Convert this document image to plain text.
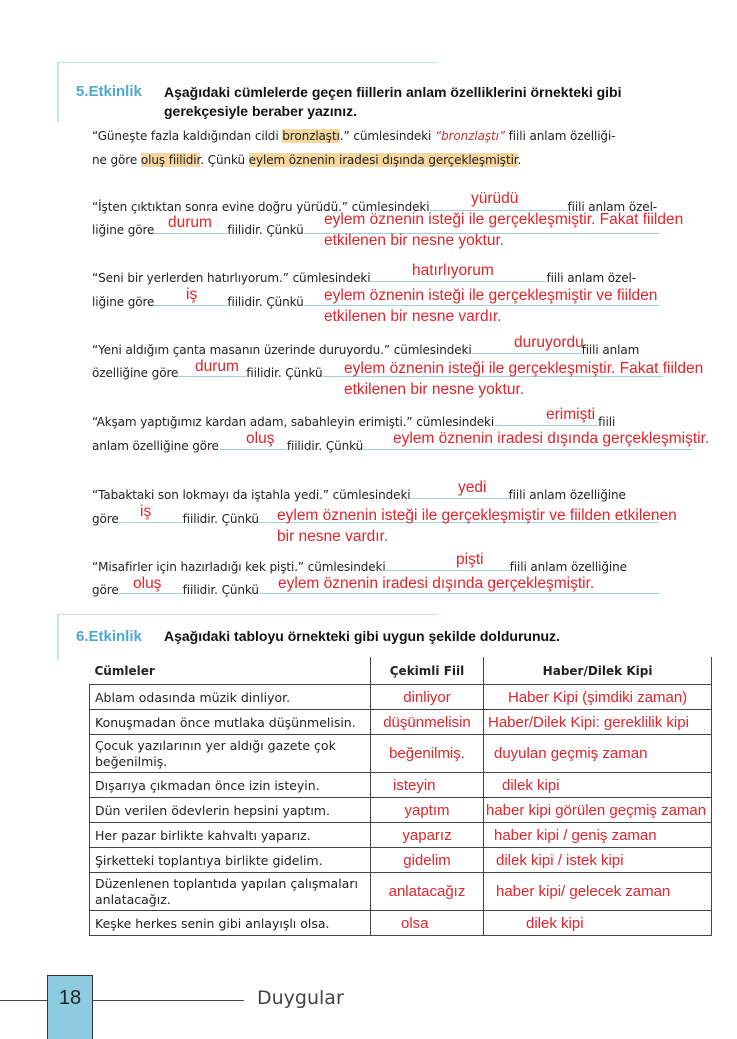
5.Etkinlik Aşağıdaki cümlelerde geçen fiillerin anlam özelliklerini örnekteki gibi
gerekçesiyle beraber yazınız.
“Güneşte fazla kaldığından cildi bronzlaştı.” cümlesindeki “bronzlaştı” fiili anlam özelliği-
ne göre oluş fiilidir. Çünkü eylem öznenin iradesi dışında gerçekleşmiştir.
“İşten çıktıktan sonra evine doğru yürüdü.” cümlesindeki	fiili anlam özel-
yürüdü
liğine göre	fiilidir. Çünkü
durum	eylem öznenin isteği ile gerçekleşmiştir. Fakat fiilden
etkilenen bir nesne yoktur.
“Seni bir yerlerden hatırlıyorum.” cümlesindeki	fiili anlam özel-
hatırlıyorum
liğine göre	fiilidir. Çünkü
iş	eylem öznenin isteği ile gerçekleşmiştir ve fiilden
etkilenen bir nesne vardır.
“Yeni aldığım çanta masanın üzerinde duruyordu.” cümlesindeki	fiili anlam
duruyordu
özelliğine göre	fiilidir. Çünkü
durum	eylem öznenin isteği ile gerçekleşmiştir. Fakat fiilden
etkilenen bir nesne yoktur.
“Akşam yaptığımız kardan adam, sabahleyin erimişti.” cümlesindeki	fiili
erimişti
anlam özelliğine göre	fiilidir. Çünkü
oluş	eylem öznenin iradesi dışında gerçekleşmiştir.
“Tabaktaki son lokmayı da iştahla yedi.” cümlesindeki	fiili anlam özelliğine
yedi
göre	fiilidir. Çünkü
iş	eylem öznenin isteği ile gerçekleşmiştir ve fiilden etkilenen
bir nesne vardır.
“Misafirler için hazırladığı kek pişti.” cümlesindeki	fiili anlam özelliğine
pişti
göre	fiilidir. Çünkü
oluş	eylem öznenin iradesi dışında gerçekleşmiştir.
6.Etkinlik Aşağıdaki tabloyu örnekteki gibi uygun şekilde doldurunuz.
Cümleler	Çekimli Fiil	Haber/Dilek Kipi
Ablam odasında müzik dinliyor.	dinliyor	Haber Kipi (şimdiki zaman)
Konuşmadan önce mutlaka düşünmelisin.	düşünmelisin	Haber/Dilek Kipi: gereklilik kipi

Çocuk yazılarının yer aldığı gazete çok
beğenilmiş.	beğenilmiş.	duyulan geçmiş zaman
Dışarıya çıkmadan önce izin isteyin.	isteyin	dilek kipi
Dün verilen ödevlerin hepsini yaptım.	yaptım	haber kipi görülen geçmiş zaman
Her pazar birlikte kahvaltı yaparız.	yaparız	haber kipi / geniş zaman
Şirketteki toplantıya birlikte gidelim.	gidelim	dilek kipi / istek kipi

Düzenlenen toplantıda yapılan çalışmaları
anlatacağız.	anlatacağız	haber kipi/ gelecek zaman
Keşke herkes senin gibi anlayışlı olsa.	olsa	dilek kipi
18	Duygular
